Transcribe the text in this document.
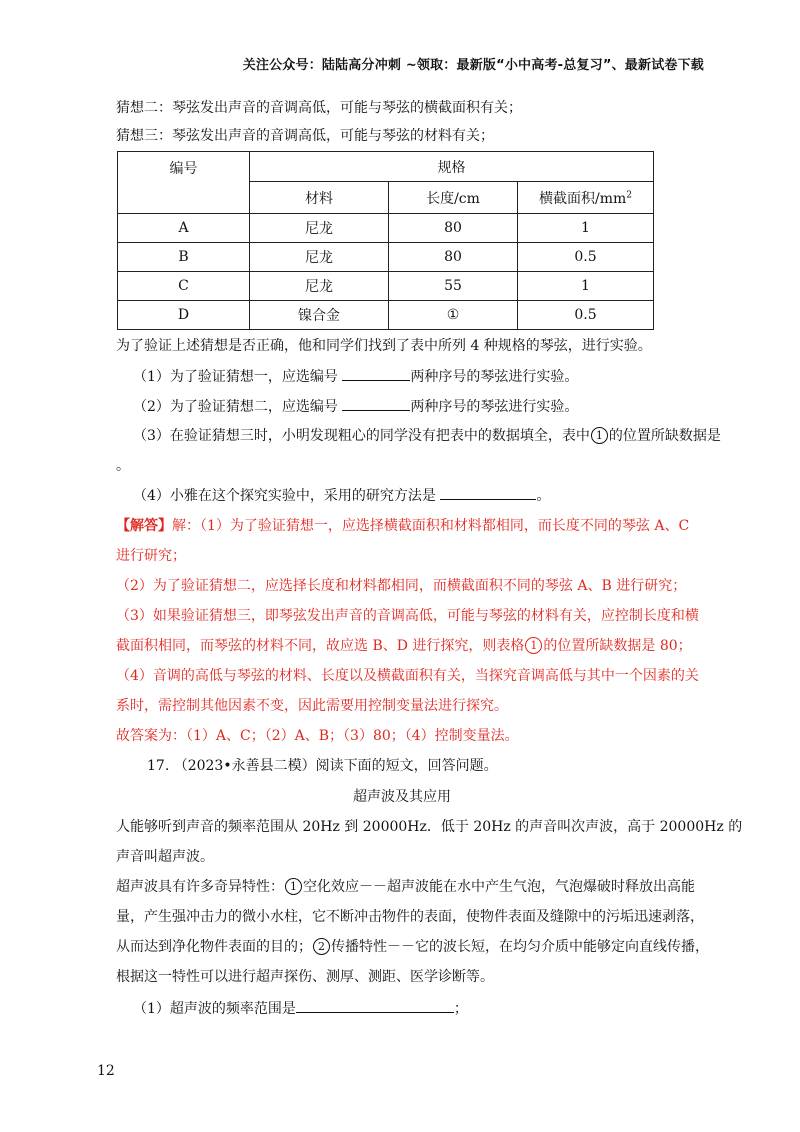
关注公众号：陆陆高分冲刺 ~领取：最新版“小中高考-总复习”、最新试卷下载
猜想二：琴弦发出声音的音调高低，可能与琴弦的横截面积有关；
猜想三：琴弦发出声音的音调高低，可能与琴弦的材料有关；
编号	规格		
	材料	长度/cm	横截面积$/mm^2$
A	尼龙	80	1
B	尼龙	80	0.5
C	尼龙	55	1
D	镍合金	①	0.5
为了验证上述猜想是否正确，他和同学们找到了表中所列 4 种规格的琴弦，进行实验。
（1）为了验证猜想一，应选编号	两种序号的琴弦进行实验。
（2）为了验证猜想二，应选编号	两种序号的琴弦进行实验。
（3）在验证猜想三时，小明发现粗心的同学没有把表中的数据填全，表中 1 的位置所缺数据是
。
（4）小雅在这个探究实验中，采用的研究方法是	。
【解答】解：（1）为了验证猜想一，应选择横截面积和材料都相同，而长度不同的琴弦 A、C
进行研究；
（2）为了验证猜想二，应选择长度和材料都相同，而横截面积不同的琴弦 A、B 进行研究；
（3）如果验证猜想三，即琴弦发出声音的音调高低，可能与琴弦的材料有关，应控制长度和横
截面积相同，而琴弦的材料不同，故应选 B、D 进行探究，则表格 1 的位置所缺数据是 80；
（4）音调的高低与琴弦的材料、长度以及横截面积有关，当探究音调高低与其中一个因素的关
系时，需控制其他因素不变，因此需要用控制变量法进行探究。
故答案为：（1）A、C；（2）A、B；（3）80；（4）控制变量法。
17. （2023•永善县二模）阅读下面的短文，回答问题。
超声波及其应用
人能够听到声音的频率范围从 20Hz 到 20000Hz．低于 20Hz 的声音叫次声波，高于 20000Hz 的
声音叫超声波。
超声波具有许多奇异特性： 1 空化效应－－超声波能在水中产生气泡，气泡爆破时释放出高能
量，产生强冲击力的微小水柱，它不断冲击物件的表面，使物件表面及缝隙中的污垢迅速剥落，
从而达到净化物件表面的目的； 2 传播特性－－它的波长短，在均匀介质中能够定向直线传播，
根据这一特性可以进行超声探伤、测厚、测距、医学诊断等。
（1）超声波的频率范围是	；
12
